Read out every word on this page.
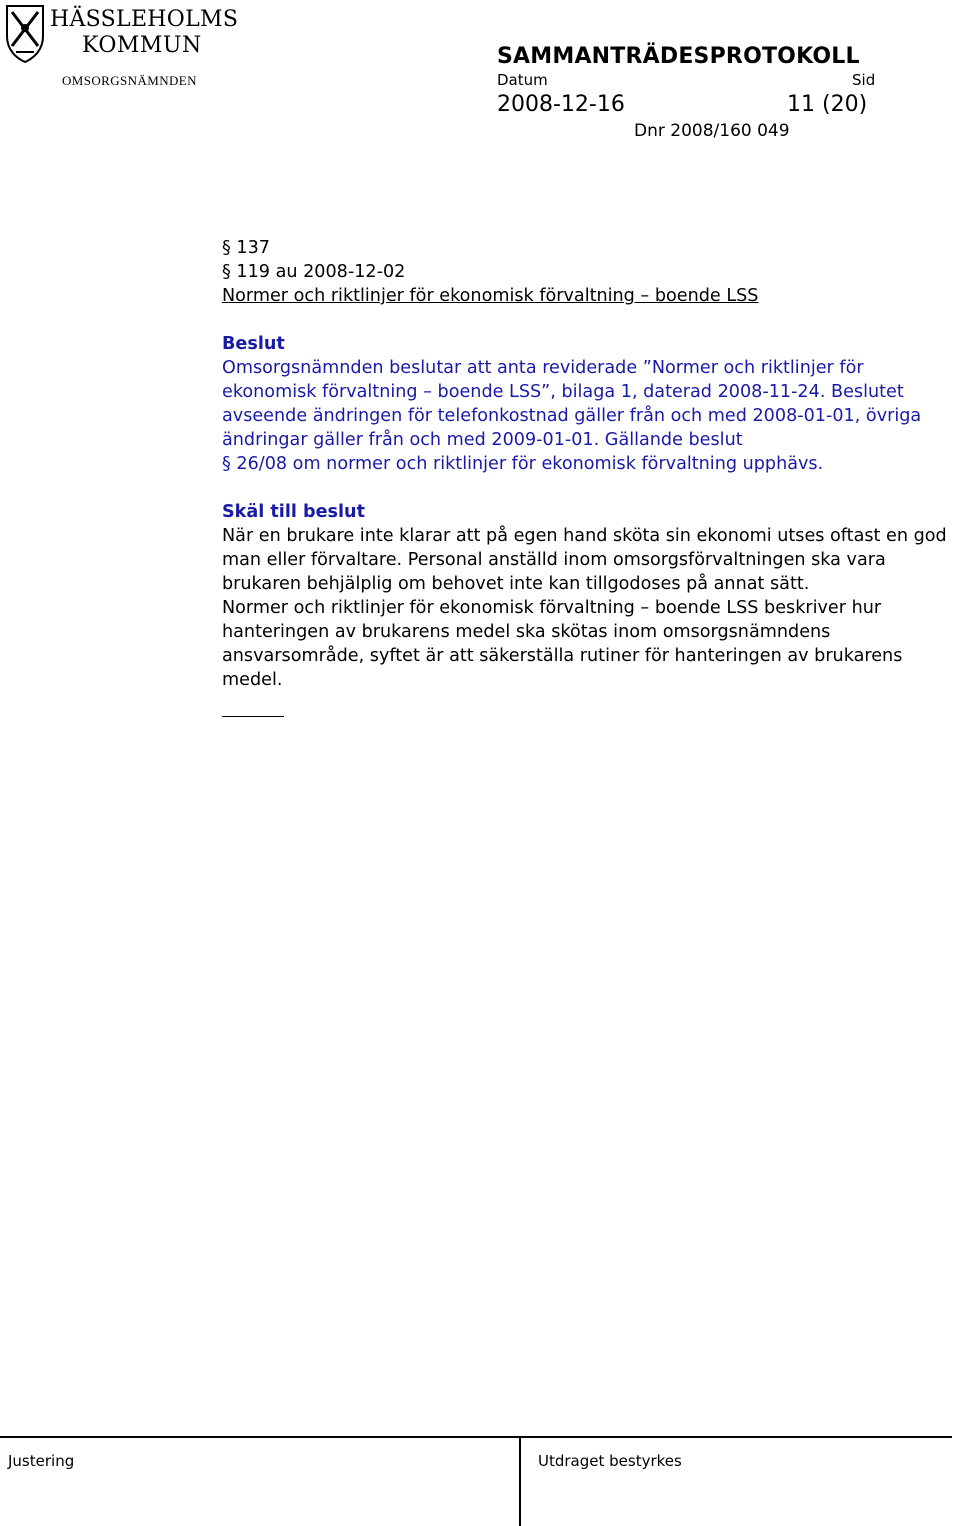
HÄSSLEHOLMS
KOMMUN
OMSORGSNÄMNDEN
SAMMANTRÄDESPROTOKOLL
Datum	Sid
2008-12-16	11 (20)
Dnr 2008/160 049

§ 137

§ 119 au 2008-12-02

Normer och riktlinjer för ekonomisk förvaltning – boende LSS

Beslut

Omsorgsnämnden beslutar att anta reviderade ”Normer och riktlinjer för ekonomisk förvaltning – boende LSS”, bilaga 1, daterad 2008-11-24. Beslutet avseende ändringen för telefonkostnad gäller från och med 2008-01-01, övriga ändringar gäller från och med 2009-01-01. Gällande beslut

§ 26/08 om normer och riktlinjer för ekonomisk förvaltning upphävs.

Skäl till beslut

När en brukare inte klarar att på egen hand sköta sin ekonomi utses oftast en god man eller förvaltare. Personal anställd inom omsorgsförvaltningen ska vara brukaren behjälplig om behovet inte kan tillgodoses på annat sätt.

Normer och riktlinjer för ekonomisk förvaltning – boende LSS beskriver hur hanteringen av brukarens medel ska skötas inom omsorgsnämndens ansvarsområde, syftet är att säkerställa rutiner för hanteringen av brukarens medel.

Justering	Utdraget bestyrkes
